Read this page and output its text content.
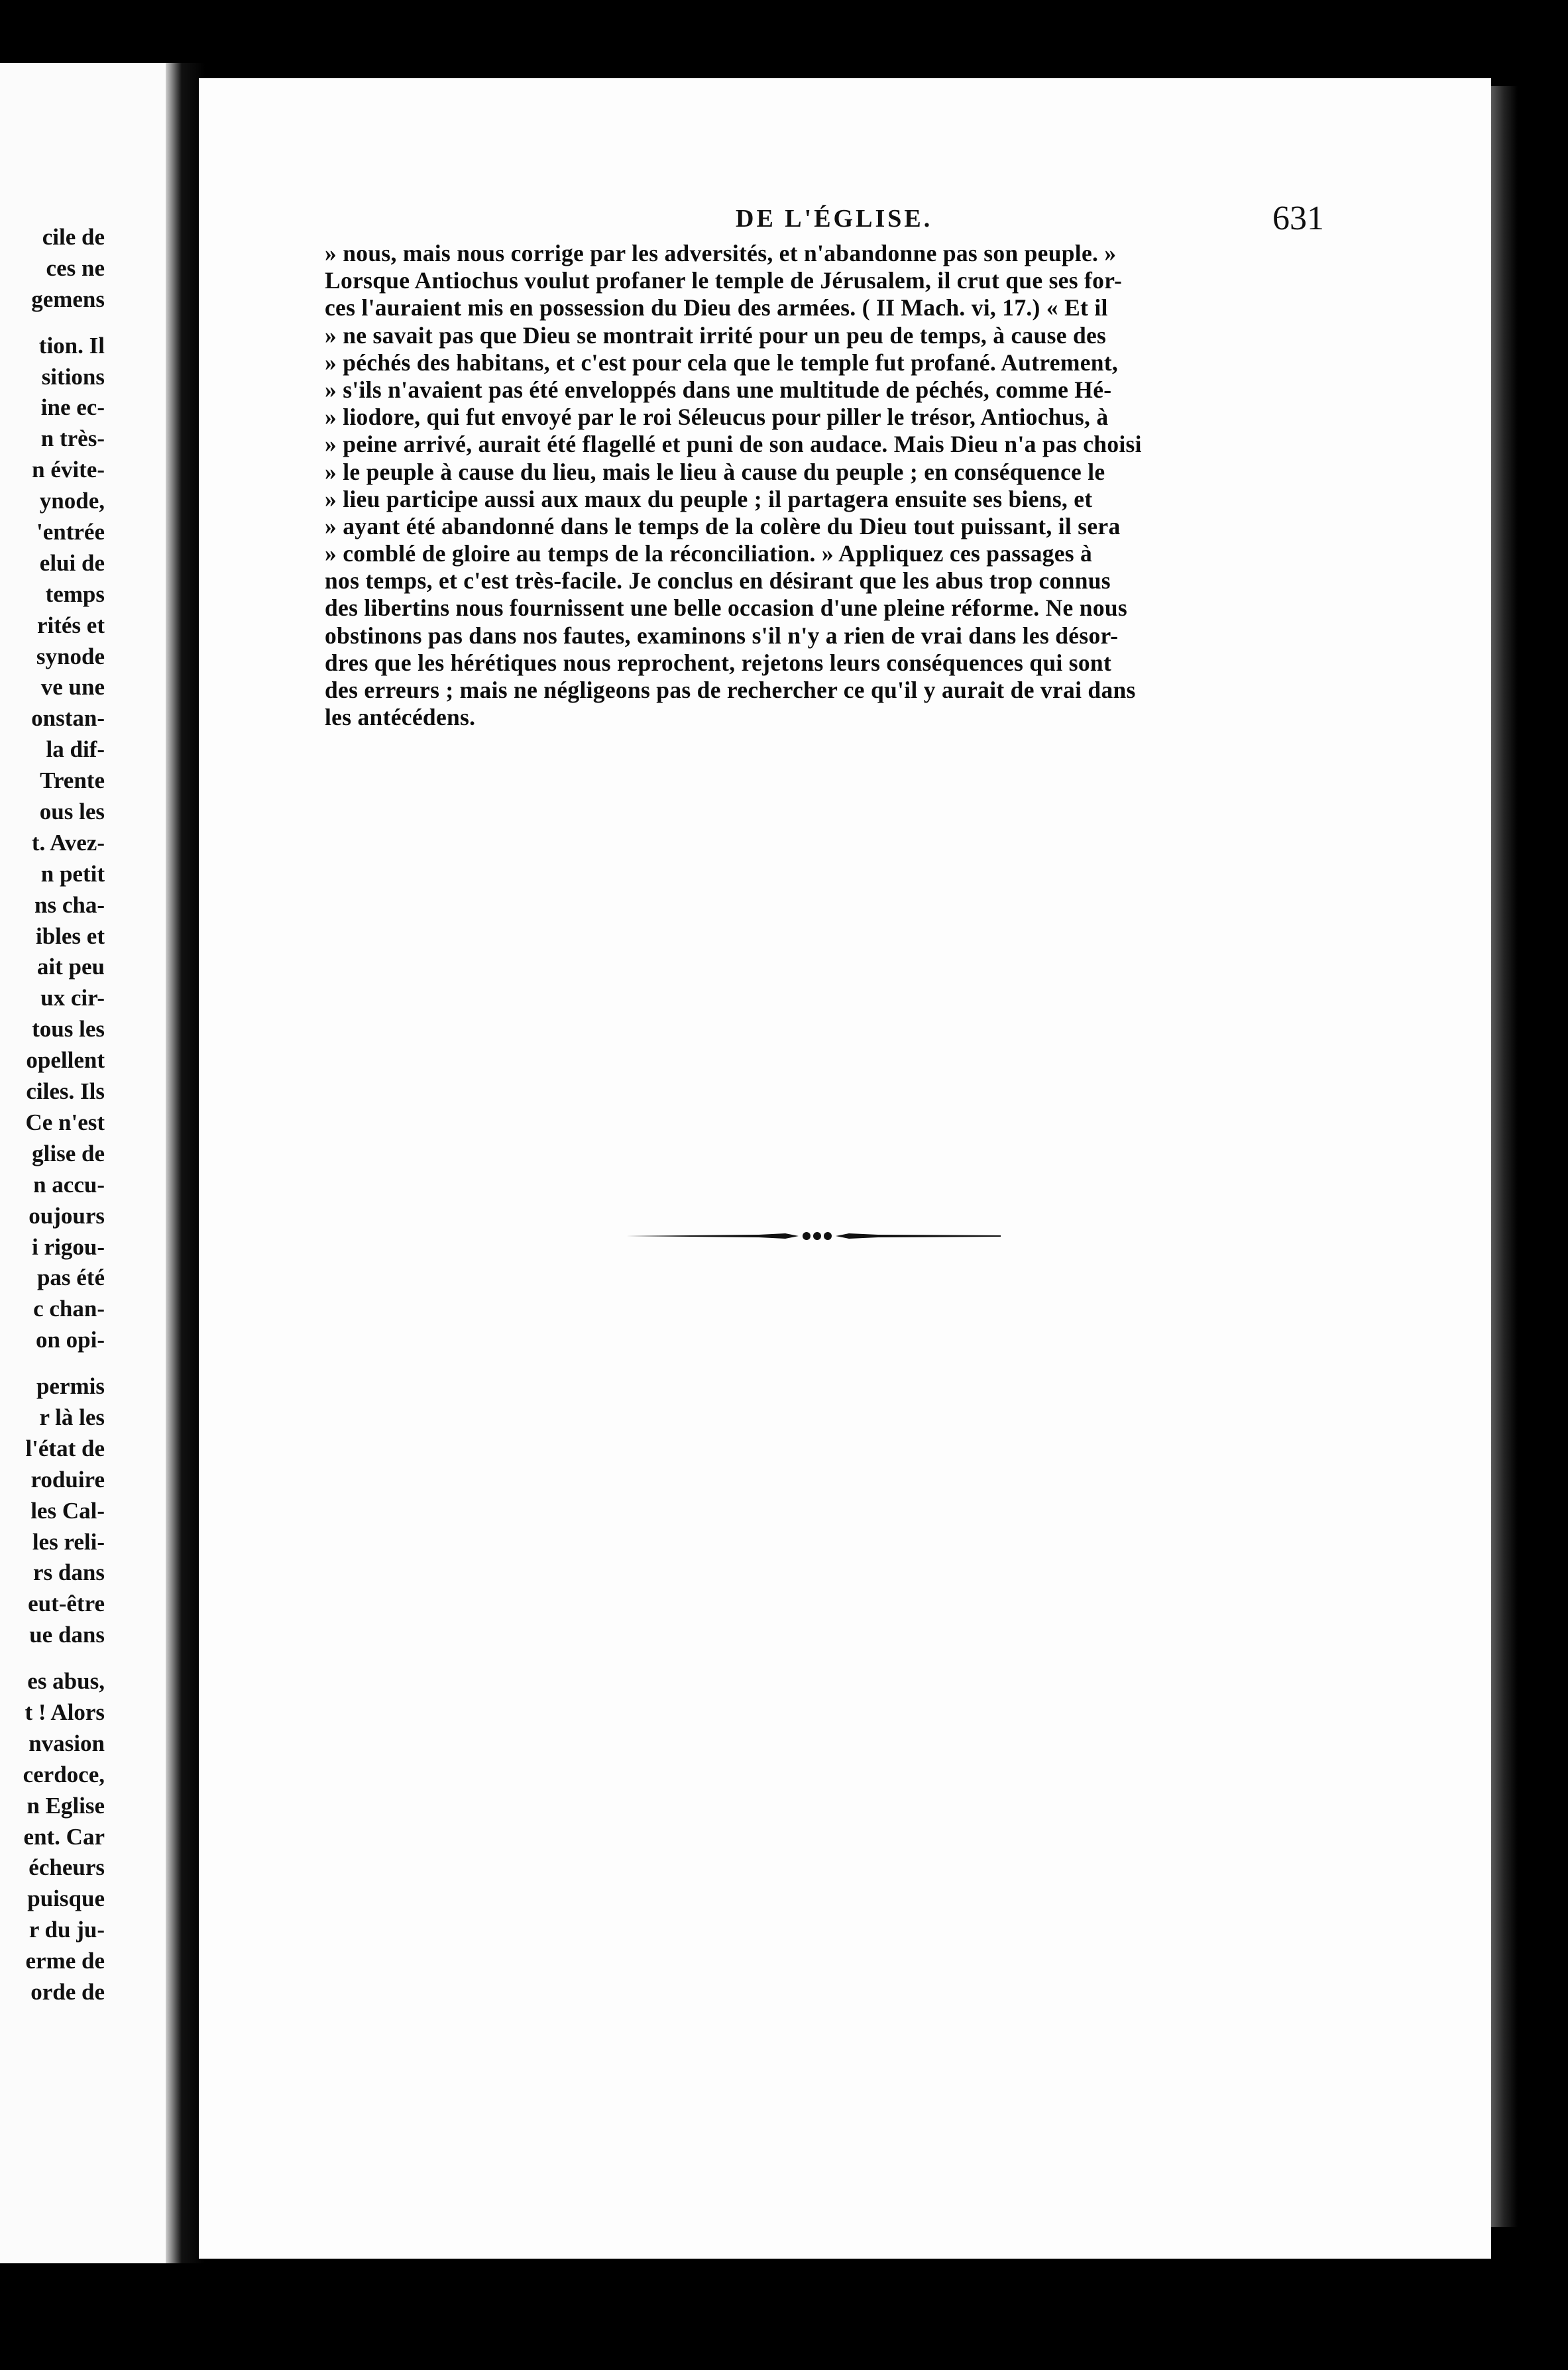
cile de
ces ne
gemens
tion. Il
sitions
ine ec-
n très-
n évite-
ynode,
'entrée
elui de
temps
rités et
synode
ve une
onstan-
la dif-
Trente
ous les
t. Avez-
n petit
ns cha-
ibles et
ait peu
ux cir-
tous les
opellent
ciles. Ils
Ce n'est
glise de
n accu-
oujours
i rigou-
pas été
c chan-
on opi-
permis
r là les
l'état de
roduire
les Cal-
les reli-
rs dans
eut-être
ue dans
es abus,
t ! Alors
nvasion
cerdoce,
n Eglise
ent. Car
écheurs
puisque
r du ju-
erme de
orde de
DE L'ÉGLISE.	631
» nous, mais nous corrige par les adversités, et n'abandonne pas son peuple. »
Lorsque Antiochus voulut profaner le temple de Jérusalem, il crut que ses for-
ces l'auraient mis en possession du Dieu des armées. ( II Mach. vi, 17.) « Et il
» ne savait pas que Dieu se montrait irrité pour un peu de temps, à cause des
» péchés des habitans, et c'est pour cela que le temple fut profané. Autrement,
» s'ils n'avaient pas été enveloppés dans une multitude de péchés, comme Hé-
» liodore, qui fut envoyé par le roi Séleucus pour piller le trésor, Antiochus, à
» peine arrivé, aurait été flagellé et puni de son audace. Mais Dieu n'a pas choisi
» le peuple à cause du lieu, mais le lieu à cause du peuple ; en conséquence le
» lieu participe aussi aux maux du peuple ; il partagera ensuite ses biens, et
» ayant été abandonné dans le temps de la colère du Dieu tout puissant, il sera
» comblé de gloire au temps de la réconciliation. » Appliquez ces passages à
nos temps, et c'est très-facile. Je conclus en désirant que les abus trop connus
des libertins nous fournissent une belle occasion d'une pleine réforme. Ne nous
obstinons pas dans nos fautes, examinons s'il n'y a rien de vrai dans les désor-
dres que les hérétiques nous reprochent, rejetons leurs conséquences qui sont
des erreurs ; mais ne négligeons pas de rechercher ce qu'il y aurait de vrai dans
les antécédens.
